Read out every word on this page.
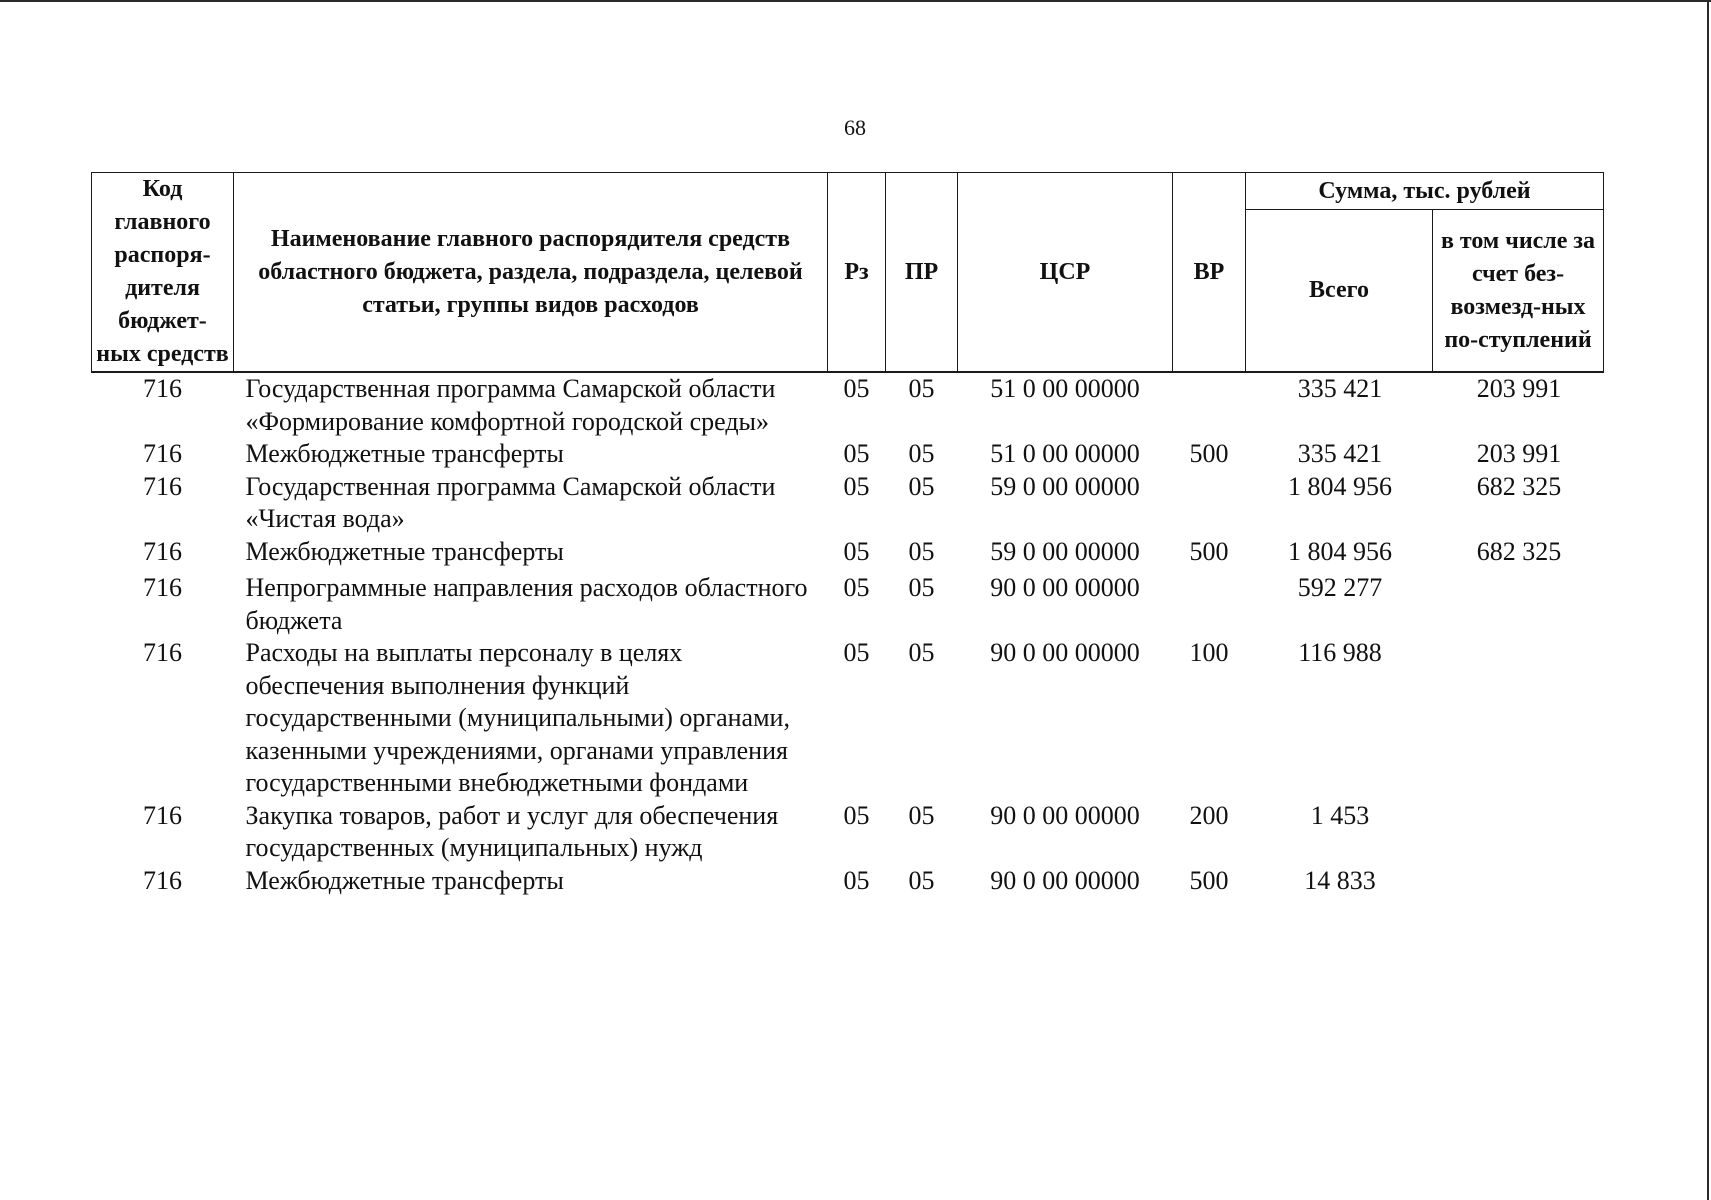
68
Код главного распоря-дителя бюджет-ных средств	Наименование главного распорядителя средств областного бюджета, раздела, подраздела, целевой статьи, группы видов расходов	Рз	ПР	ЦСР	ВР	Сумма, тыс. рублей	
						Всего	в том числе за счет без-возмезд-ных по-ступлений
716	Государственная программа Самарской области «Формирование комфортной городской среды»	05	05	51 0 00 00000		335 421	203 991
716	Межбюджетные трансферты	05	05	51 0 00 00000	500	335 421	203 991
716	Государственная программа Самарской области «Чистая вода»	05	05	59 0 00 00000		1 804 956	682 325
716	Межбюджетные трансферты	05	05	59 0 00 00000	500	1 804 956	682 325
716	Непрограммные направления расходов областного бюджета	05	05	90 0 00 00000		592 277	
716	Расходы на выплаты персоналу в целях обеспечения выполнения функций государственными (муниципальными) органами, казенными учреждениями, органами управления государственными внебюджетными фондами	05	05	90 0 00 00000	100	116 988	
716	Закупка товаров, работ и услуг для обеспечения государственных (муниципальных) нужд	05	05	90 0 00 00000	200	1 453	
716	Межбюджетные трансферты	05	05	90 0 00 00000	500	14 833	
